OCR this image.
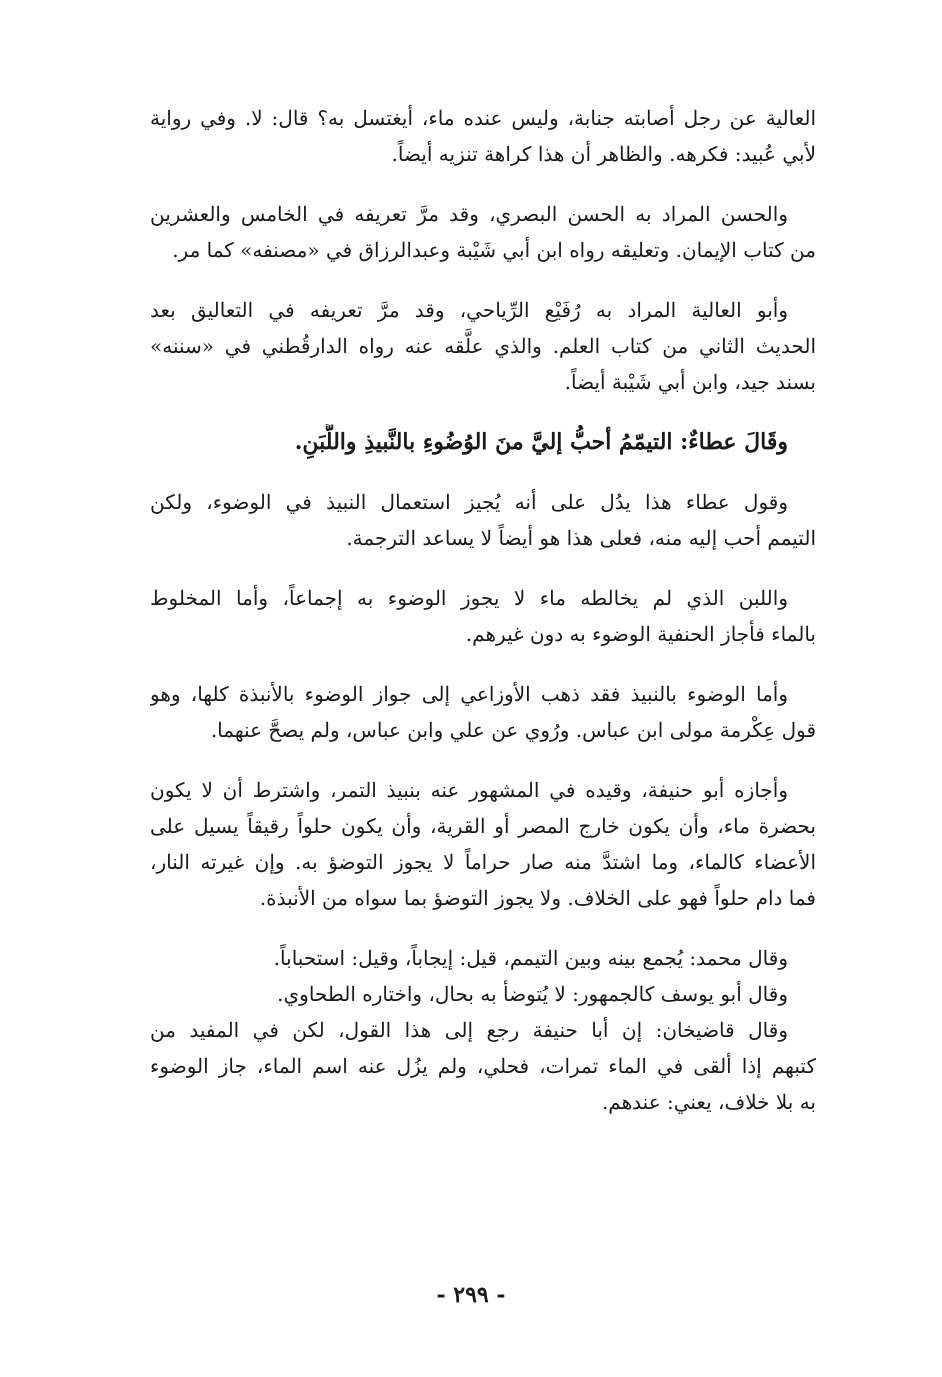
العالية عن رجل أصابته جنابة، وليس عنده ماء، أيغتسل به؟ قال: لا. وفي رواية
لأبي عُبيد: فكرهه. والظاهر أن هذا كراهة تنزيه أيضاً.
والحسن المراد به الحسن البصري، وقد مرَّ تعريفه في الخامس والعشرين
من كتاب الإيمان. وتعليقه رواه ابن أبي شَيْبة وعبدالرزاق في «مصنفه» كما مر.
وأبو العالية المراد به رُفَيْع الرِّياحي، وقد مرَّ تعريفه في التعاليق بعد
الحديث الثاني من كتاب العلم. والذي علَّقه عنه رواه الدارقُطني في «سننه»
بسند جيد، وابن أبي شَيْبة أيضاً.
وقَالَ عطاءٌ: التيمّمُ أحبُّ إليَّ منَ الوُضُوءِ بالنَّبيذِ واللَّبَنِ.
وقول عطاء هذا يدُل على أنه يُجيز استعمال النبيذ في الوضوء، ولكن
التيمم أحب إليه منه، فعلى هذا هو أيضاً لا يساعد الترجمة.
واللبن الذي لم يخالطه ماء لا يجوز الوضوء به إجماعاً، وأما المخلوط
بالماء فأجاز الحنفية الوضوء به دون غيرهم.
وأما الوضوء بالنبيذ فقد ذهب الأوزاعي إلى جواز الوضوء بالأنبذة كلها، وهو
قول عِكْرمة مولى ابن عباس. ورُوي عن علي وابن عباس، ولم يصحَّ عنهما.
وأجازه أبو حنيفة، وقيده في المشهور عنه بنبيذ التمر، واشترط أن لا يكون
بحضرة ماء، وأن يكون خارج المصر أو القرية، وأن يكون حلواً رقيقاً يسيل على
الأعضاء كالماء، وما اشتدَّ منه صار حراماً لا يجوز التوضؤ به. وإن غيرته النار،
فما دام حلواً فهو على الخلاف. ولا يجوز التوضؤ بما سواه من الأنبذة.
وقال محمد: يُجمع بينه وبين التيمم، قيل: إيجاباً، وقيل: استحباباً.
وقال أبو يوسف كالجمهور: لا يُتوضأ به بحال، واختاره الطحاوي.
وقال قاضيخان: إن أبا حنيفة رجع إلى هذا القول، لكن في المفيد من
كتبهم إذا ألقى في الماء تمرات، فحلي، ولم يزُل عنه اسم الماء، جاز الوضوء
به بلا خلاف، يعني: عندهم.
- ٢٩٩ -
